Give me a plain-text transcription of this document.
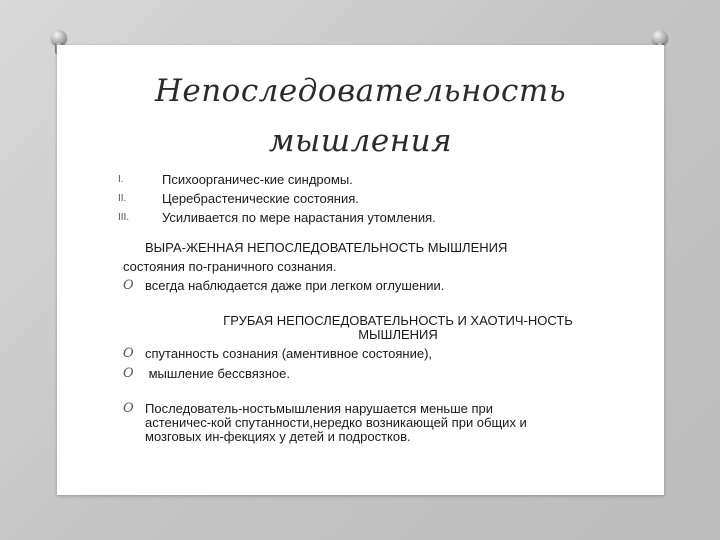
Непоследовательность
мышления
I.	Психоорганичес-кие синдромы.
II.	Церебрастенические состояния.
III.	Усиливается по мере нарастания утомления.
ВЫРА-ЖЕННАЯ НЕПОСЛЕДОВАТЕЛЬНОСТЬ МЫШЛЕНИЯ
состояния по-граничного сознания.
O всегда наблюдается даже при легком оглушении.
ГРУБАЯ НЕПОСЛЕДОВАТЕЛЬНОСТЬ И ХАОТИЧ-НОСТЬ
МЫШЛЕНИЯ
O спутанность сознания (аментивное состояние),
O мышление бессвязное.
O Последователь-ностьмышления нарушается меньше при
астеничес-кой спутанности,нередко возникающей при общих и
мозговых ин-фекциях у детей и подростков.
